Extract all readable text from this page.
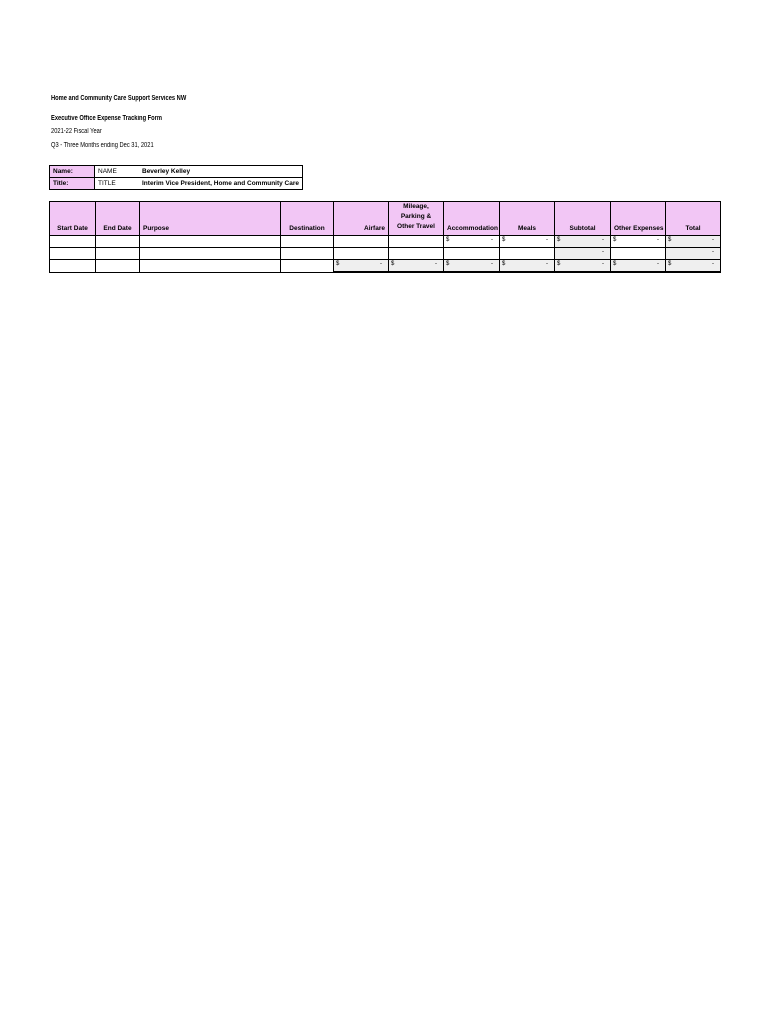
Home and Community Care Support Services NW
Executive Office Expense Tracking Form
2021-22 Fiscal Year
Q3 - Three Months ending Dec 31, 2021
Name:	NAME	Beverley Kelley
Title:	TITLE	Interim Vice President, Home and Community Care
Start Date	End Date	Purpose	Destination	Airfare	Mileage, Parking & Other Travel	Accommodation	Meals	Subtotal	Other Expenses	Total

						$ -	$ -	$ -	$ -	$ -

								-		-

				$ -	$ -	$ -	$ -	$ -	$ -	$ -
